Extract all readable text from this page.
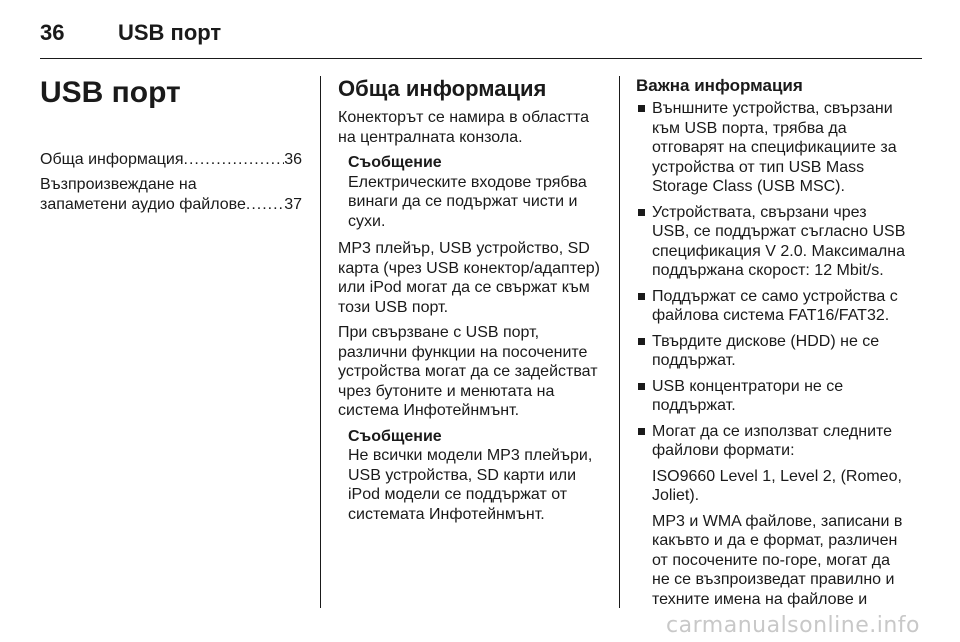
36 USB порт
USB порт
Обща информация .....	36
Възпроизвеждане на
запаметени аудио файлове ..... 37
Обща информация

Конекторът се намира в областта на централната конзола.

Съобщение
Електрическите входове трябва винаги да се подържат чисти и сухи.

MP3 плейър, USB устройство, SD карта (чрез USB конектор/адаптер) или iPod могат да се свържат към този USB порт.

При свързване с USB порт, различни функции на посочените устройства могат да се задействат чрез бутоните и менютата на система Инфотейнмънт.

Съобщение
Не всички модели MP3 плейъри, USB устройства, SD карти или iPod модели се поддържат от системата Инфотейнмънт.
Важна информация
Външните устройства, свързани към USB порта, трябва да отговарят на спецификациите за устройства от тип USB Mass Storage Class (USB MSC).
Устройствата, свързани чрез USB, се поддържат съгласно USB спецификация V 2.0. Максимална поддържана скорост: 12 Mbit/s.
Поддържат се само устройства с файлова система FAT16/FAT32.
Твърдите дискове (HDD) не се поддържат.
USB концентратори не се поддържат.
Могат да се използват следните файлови формати:
ISO9660 Level 1, Level 2, (Romeo, Joliet).
MP3 и WMA файлове, записани в какъвто и да е формат, различен от посочените по-горе, могат да не се възпроизведат правилно и техните имена на файлове и
carmanualsonline.info
